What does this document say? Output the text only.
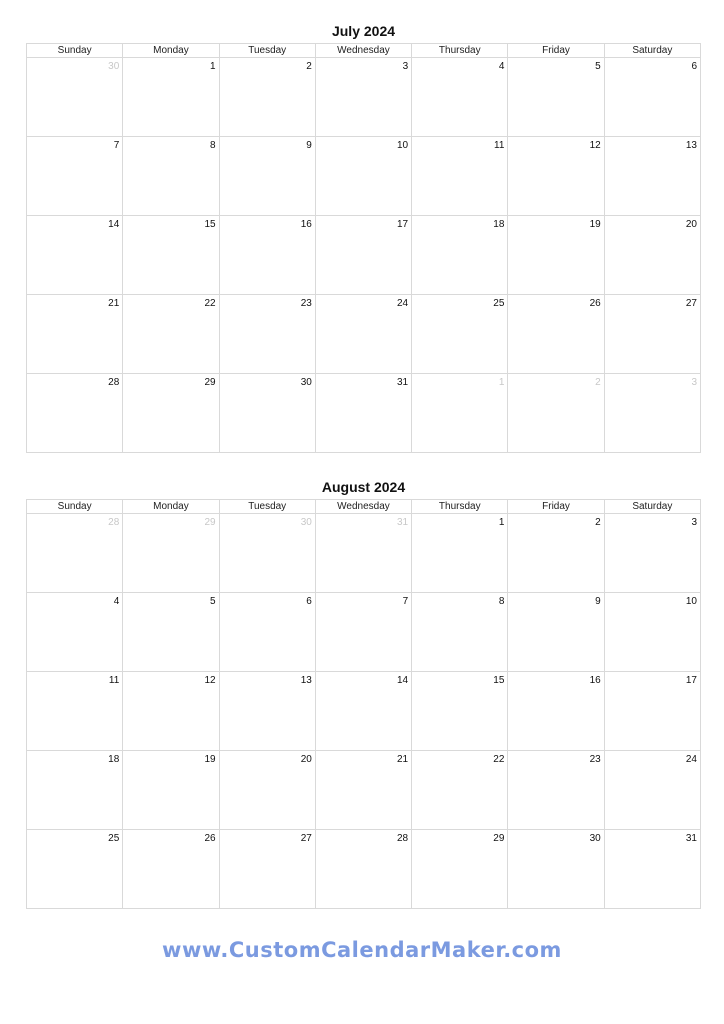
July 2024
Sunday	Monday	Tuesday	Wednesday	Thursday	Friday	Saturday

30	1	2	3	4	5	6

7	8	9	10	11	12	13

14	15	16	17	18	19	20

21	22	23	24	25	26	27

28	29	30	31	1	2	3
August 2024
Sunday	Monday	Tuesday	Wednesday	Thursday	Friday	Saturday

28	29	30	31	1	2	3

4	5	6	7	8	9	10

11	12	13	14	15	16	17

18	19	20	21	22	23	24

25	26	27	28	29	30	31
www.CustomCalendarMaker.com
